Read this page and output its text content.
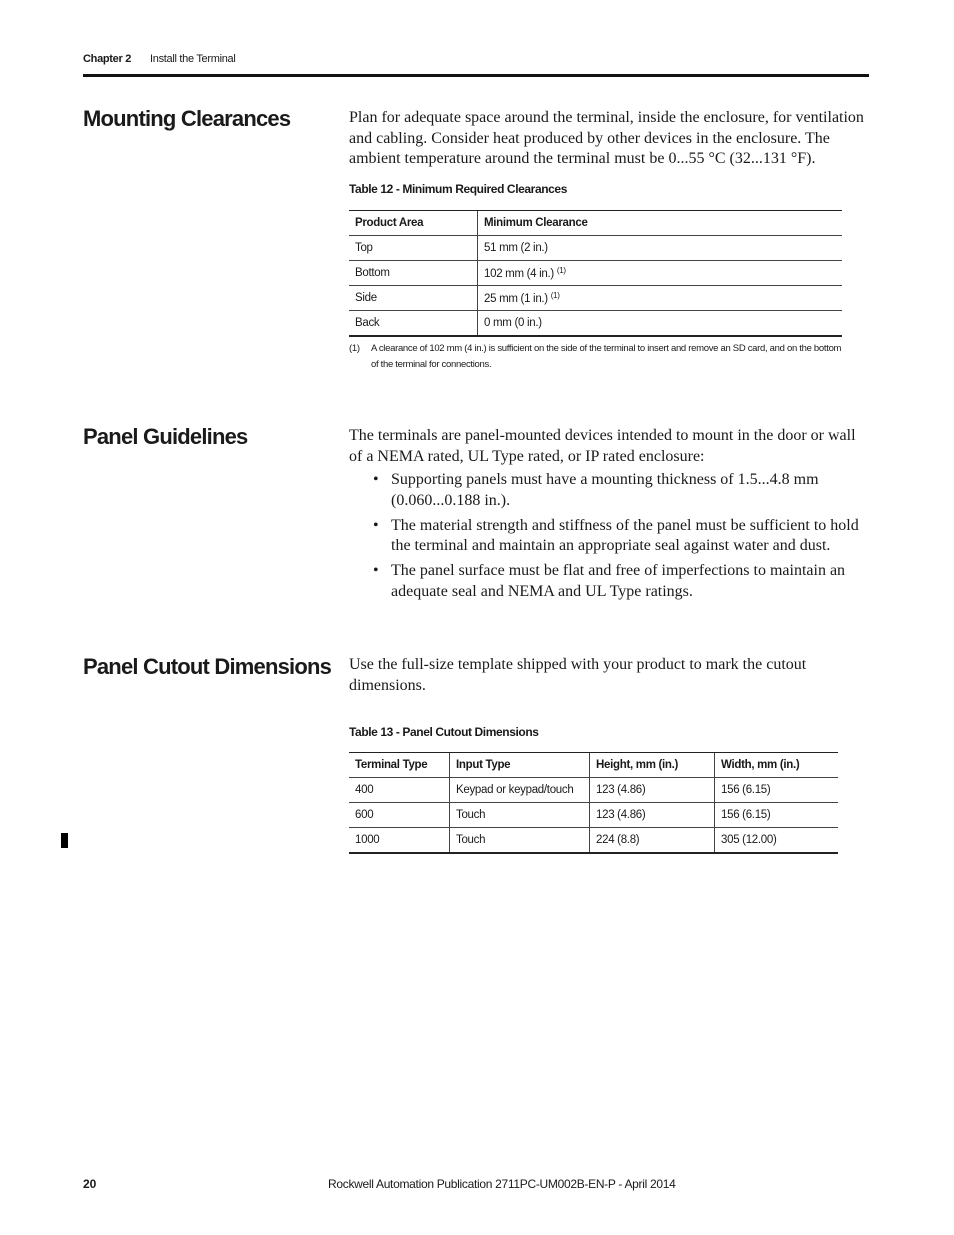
Chapter 2 Install the Terminal
Mounting Clearances	Plan for adequate space around the terminal, inside the enclosure, for ventilation and cabling. Consider heat produced by other devices in the enclosure. The ambient temperature around the terminal must be 0...55 °C (32...131 °F).

Table 12 - Minimum Required Clearances

Product Area	Minimum Clearance
Top	51 mm (2 in.)
Bottom	102 mm (4 in.) $^{(1)}$
Side	25 mm (1 in.) $^{(1)}$
Back	0 mm (0 in.)
(1) A clearance of 102 mm (4 in.) is sufficient on the side of the terminal to insert and remove an SD card, and on the bottom of the terminal for connections.
Panel Guidelines	The terminals are panel-mounted devices intended to mount in the door or wall of a NEMA rated, UL Type rated, or IP rated enclosure:

• Supporting panels must have a mounting thickness of 1.5...4.8 mm (0.060...0.188 in.).
• The material strength and stiffness of the panel must be sufficient to hold the terminal and maintain an appropriate seal against water and dust.
• The panel surface must be flat and free of imperfections to maintain an adequate seal and NEMA and UL Type ratings.
Panel Cutout Dimensions Use the full-size template shipped with your product to mark the cutout dimensions.

Table 13 - Panel Cutout Dimensions

Terminal Type	Input Type	Height, mm (in.)	Width, mm (in.)
400	Keypad or keypad/touch	123 (4.86)	156 (6.15)
600	Touch	123 (4.86)	156 (6.15)
1000	Touch	224 (8.8)	305 (12.00)
20	Rockwell Automation Publication 2711PC-UM002B-EN-P - April 2014
